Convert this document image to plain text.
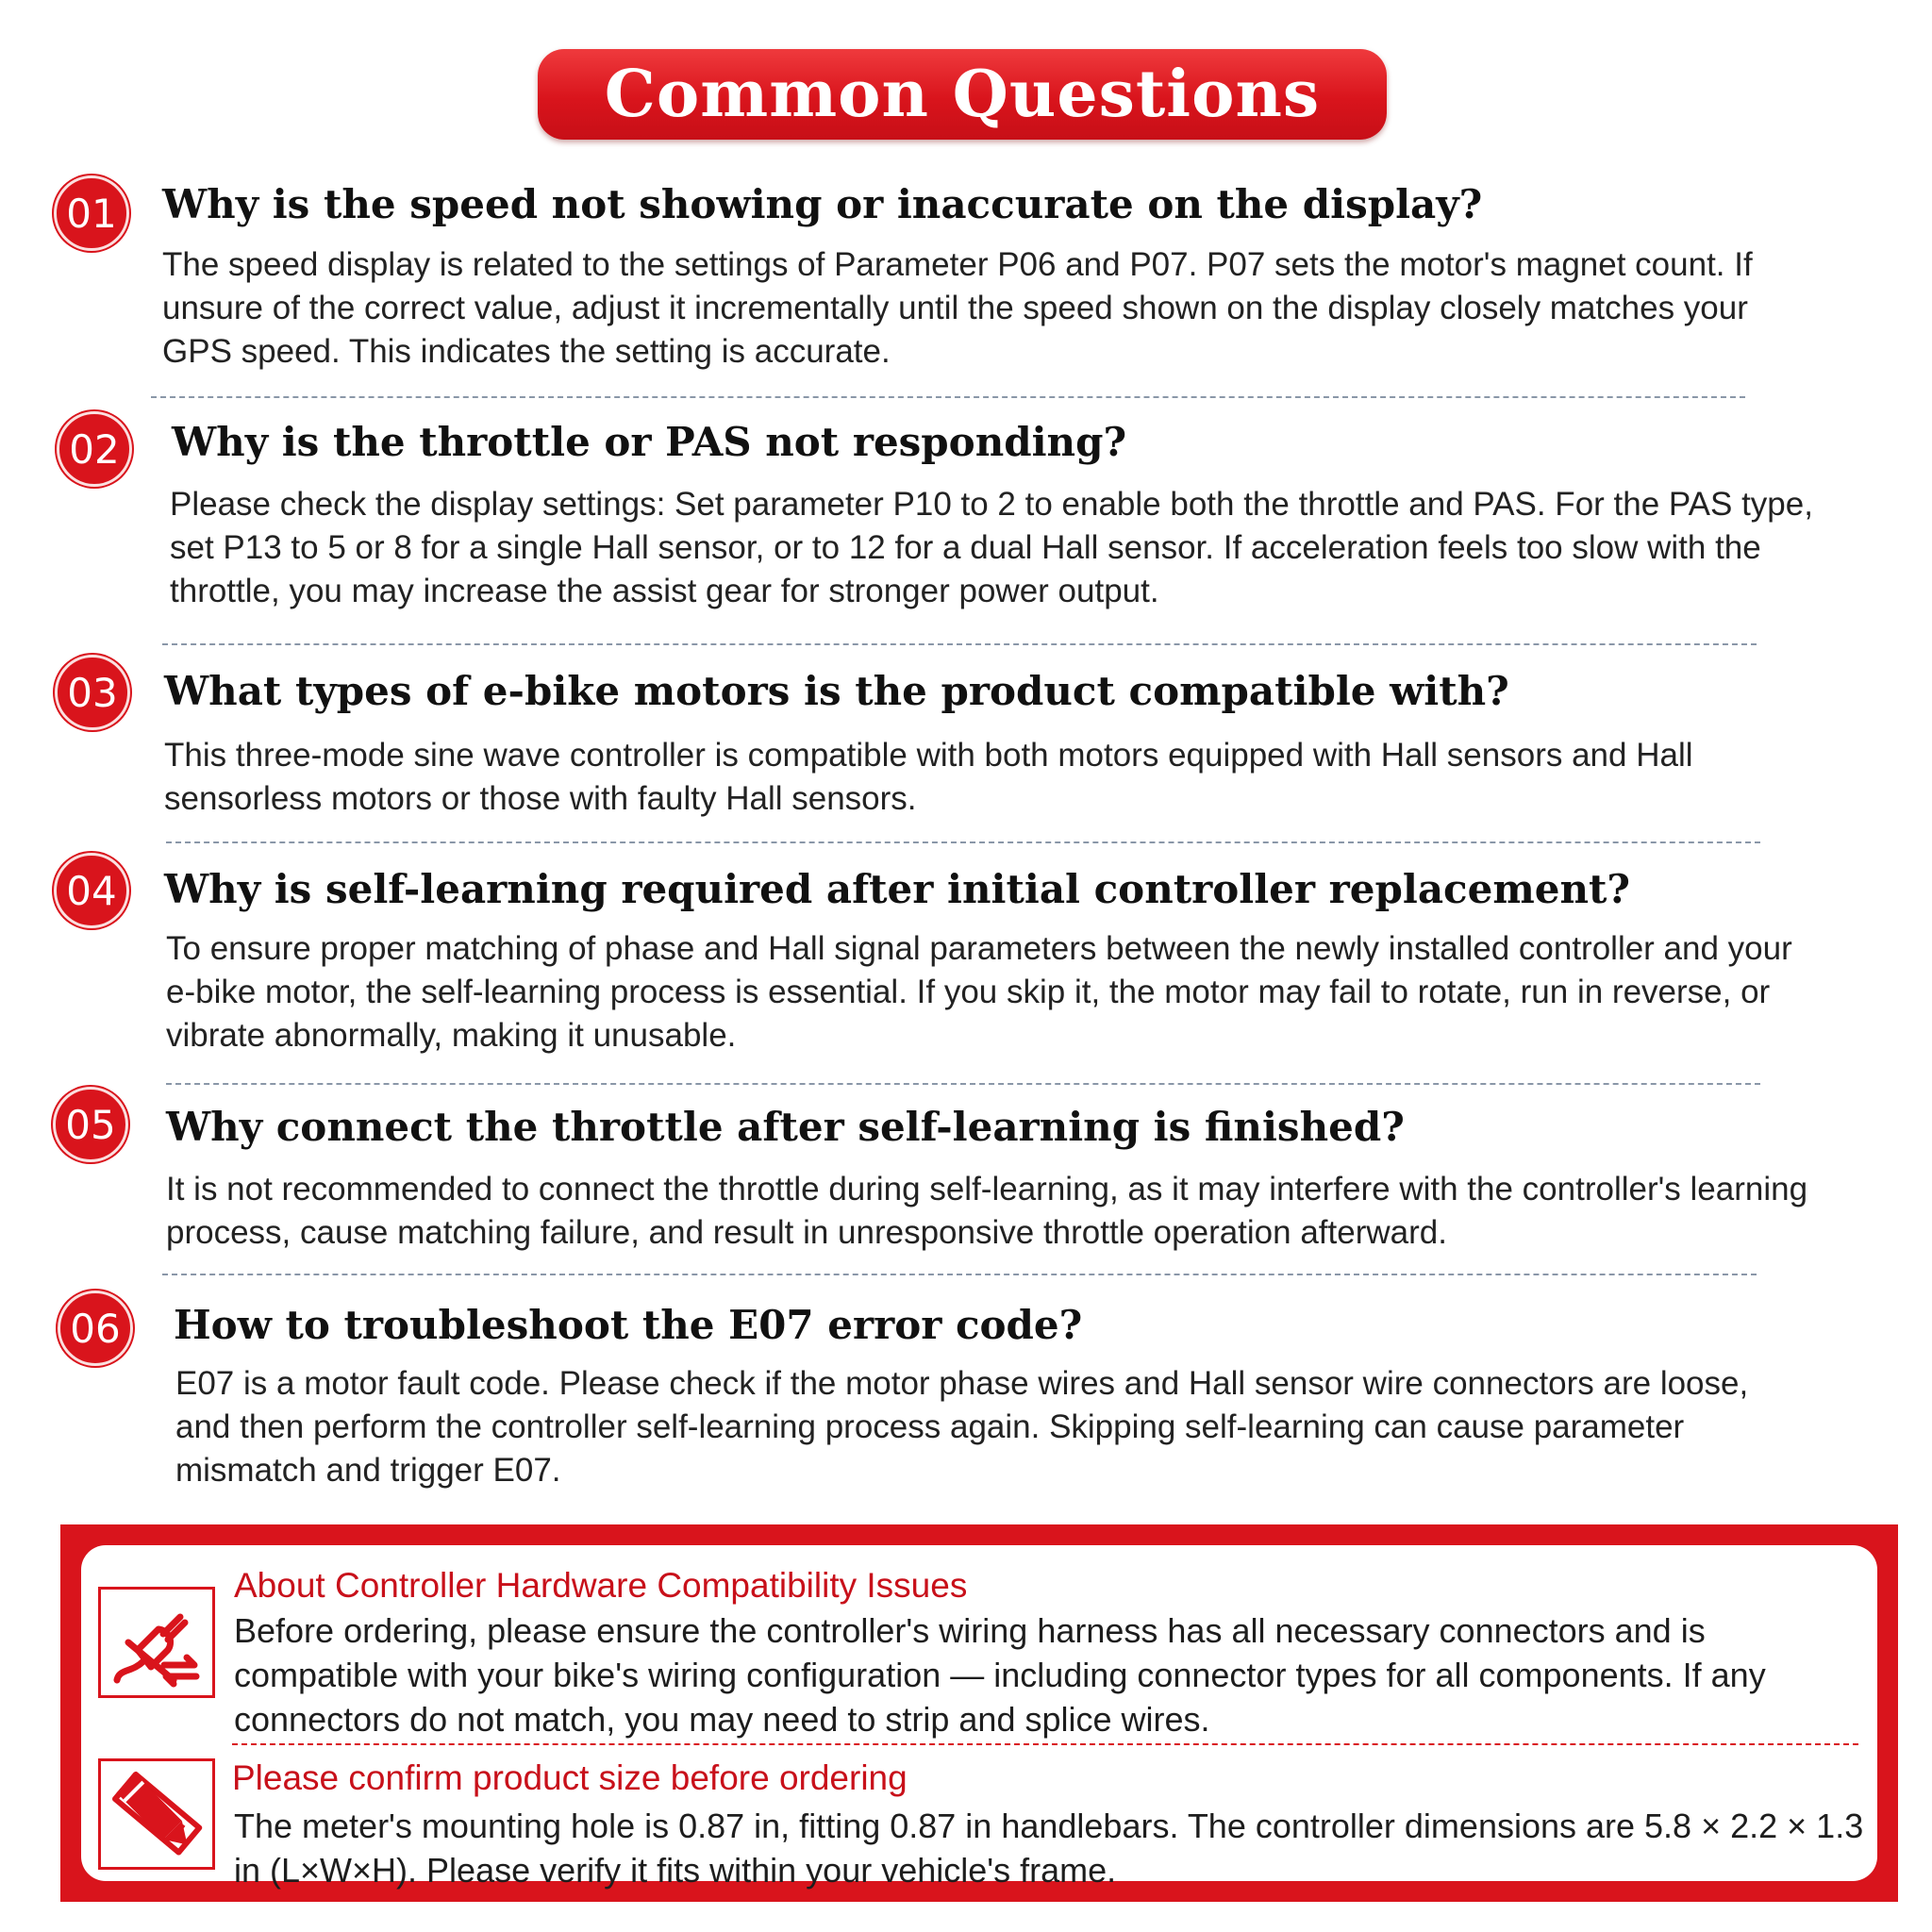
Common Questions
01	Why is the speed not showing or inaccurate on the display?

The speed display is related to the settings of Parameter P06 and P07. P07 sets the motor's magnet count. If unsure of the correct value, adjust it incrementally until the speed shown on the display closely matches your GPS speed. This indicates the setting is accurate.

02	Why is the throttle or PAS not responding?

Please check the display settings: Set parameter P10 to 2 to enable both the throttle and PAS. For the PAS type, set P13 to 5 or 8 for a single Hall sensor, or to 12 for a dual Hall sensor. If acceleration feels too slow with the throttle, you may increase the assist gear for stronger power output.

03	What types of e-bike motors is the product compatible with?

This three-mode sine wave controller is compatible with both motors equipped with Hall sensors and Hall sensorless motors or those with faulty Hall sensors.

04	Why is self-learning required after initial controller replacement?

To ensure proper matching of phase and Hall signal parameters between the newly installed controller and your e-bike motor, the self-learning process is essential. If you skip it, the motor may fail to rotate, run in reverse, or vibrate abnormally, making it unusable.

05	Why connect the throttle after self-learning is finished?

It is not recommended to connect the throttle during self-learning, as it may interfere with the controller's learning process, cause matching failure, and result in unresponsive throttle operation afterward.

06	How to troubleshoot the E07 error code?

E07 is a motor fault code. Please check if the motor phase wires and Hall sensor wire connectors are loose, and then perform the controller self-learning process again. Skipping self-learning can cause parameter mismatch and trigger E07.

About Controller Hardware Compatibility Issues

Before ordering, please ensure the controller's wiring harness has all necessary connectors and is compatible with your bike's wiring configuration — including connector types for all components. If any connectors do not match, you may need to strip and splice wires.

Please confirm product size before ordering

The meter's mounting hole is 0.87 in, fitting 0.87 in handlebars. The controller dimensions are 5.8 × 2.2 × 1.3 in (L×W×H). Please verify it fits within your vehicle's frame.
